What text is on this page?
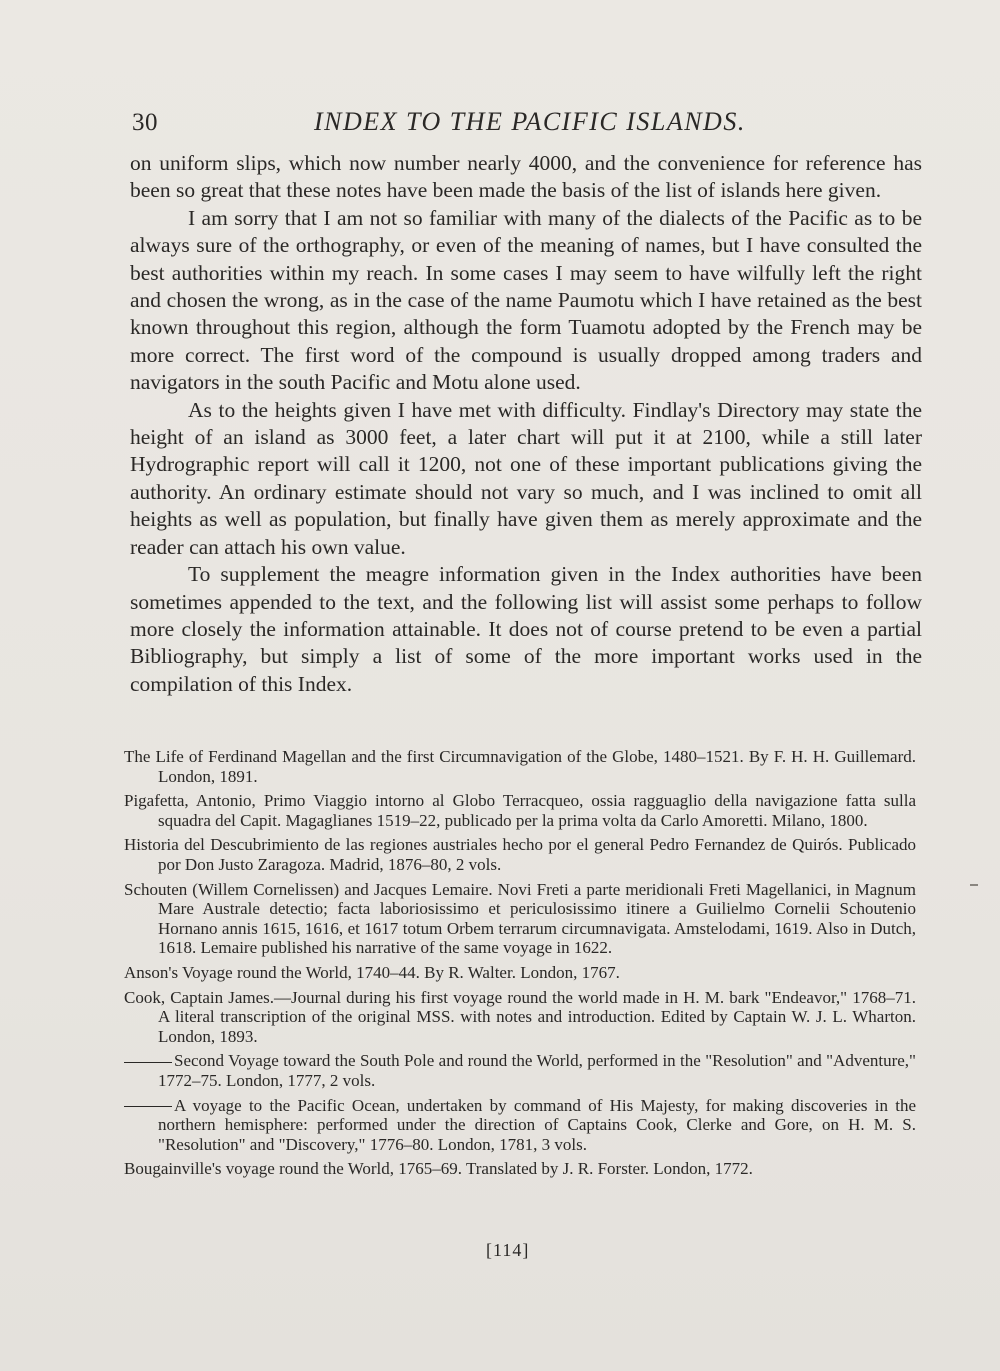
30	INDEX TO THE PACIFIC ISLANDS.

on uniform slips, which now number nearly 4000, and the convenience for reference has been so great that these notes have been made the basis of the list of islands here given.

I am sorry that I am not so familiar with many of the dialects of the Pacific as to be always sure of the orthography, or even of the meaning of names, but I have consulted the best authorities within my reach. In some cases I may seem to have wilfully left the right and chosen the wrong, as in the case of the name Paumotu which I have retained as the best known throughout this region, although the form Tuamotu adopted by the French may be more correct. The first word of the compound is usually dropped among traders and navigators in the south Pacific and Motu alone used.

As to the heights given I have met with difficulty. Findlay's Directory may state the height of an island as 3000 feet, a later chart will put it at 2100, while a still later Hydrographic report will call it 1200, not one of these important publications giving the authority. An ordinary estimate should not vary so much, and I was inclined to omit all heights as well as population, but finally have given them as merely approximate and the reader can attach his own value.

To supplement the meagre information given in the Index authorities have been sometimes appended to the text, and the following list will assist some perhaps to follow more closely the information attainable. It does not of course pretend to be even a partial Bibliography, but simply a list of some of the more important works used in the compilation of this Index.

The Life of Ferdinand Magellan and the first Circumnavigation of the Globe, 1480–1521. By F. H. H. Guillemard. London, 1891.

Pigafetta, Antonio, Primo Viaggio intorno al Globo Terracqueo, ossia ragguaglio della navigazione fatta sulla squadra del Capit. Magaglianes 1519–22, publicado per la prima volta da Carlo Amoretti. Milano, 1800.

Historia del Descubrimiento de las regiones austriales hecho por el general Pedro Fernandez de Quirós. Publicado por Don Justo Zaragoza. Madrid, 1876–80, 2 vols.

Schouten (Willem Cornelissen) and Jacques Lemaire. Novi Freti a parte meridionali Freti Magellanici, in Magnum Mare Australe detectio; facta laboriosissimo et periculosissimo itinere a Guilielmo Cornelii Schoutenio Hornano annis 1615, 1616, et 1617 totum Orbem terrarum circumnavigata. Amstelodami, 1619. Also in Dutch, 1618. Lemaire published his narrative of the same voyage in 1622.

Anson's Voyage round the World, 1740–44. By R. Walter. London, 1767.

Cook, Captain James.—Journal during his first voyage round the world made in H. M. bark "Endeavor," 1768–71. A literal transcription of the original MSS. with notes and introduction. Edited by Captain W. J. L. Wharton. London, 1893.

Second Voyage toward the South Pole and round the World, performed in the "Resolution" and "Adventure," 1772–75. London, 1777, 2 vols.

A voyage to the Pacific Ocean, undertaken by command of His Majesty, for making discoveries in the northern hemisphere: performed under the direction of Captains Cook, Clerke and Gore, on H. M. S. "Resolution" and "Discovery," 1776–80. London, 1781, 3 vols.

Bougainville's voyage round the World, 1765–69. Translated by J. R. Forster. London, 1772.

[114]
